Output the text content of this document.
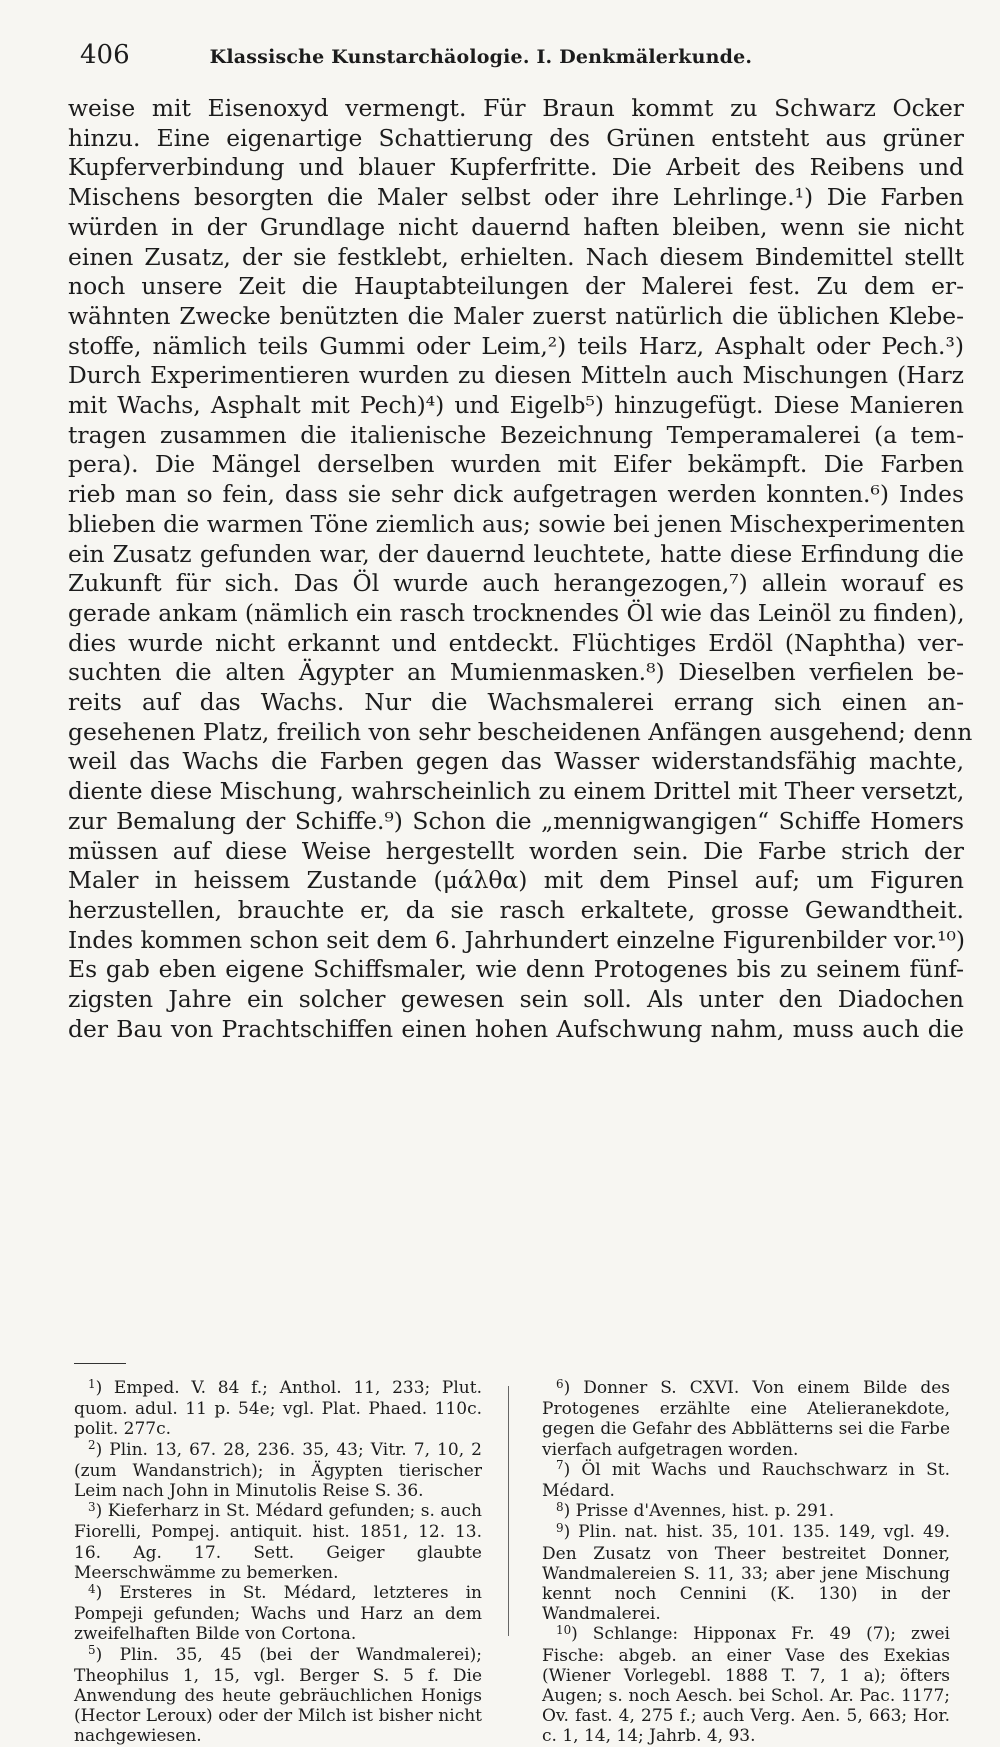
406	Klassische Kunstarchäologie. I. Denkmälerkunde.
weise mit Eisenoxyd vermengt. Für Braun kommt zu Schwarz Ocker
hinzu. Eine eigenartige Schattierung des Grünen entsteht aus grüner
Kupferverbindung und blauer Kupferfritte. Die Arbeit des Reibens und
Mischens besorgten die Maler selbst oder ihre Lehrlinge.¹) Die Farben
würden in der Grundlage nicht dauernd haften bleiben, wenn sie nicht
einen Zusatz, der sie festklebt, erhielten. Nach diesem Bindemittel stellt
noch unsere Zeit die Hauptabteilungen der Malerei fest. Zu dem er-
wähnten Zwecke benützten die Maler zuerst natürlich die üblichen Klebe-
stoffe, nämlich teils Gummi oder Leim,²) teils Harz, Asphalt oder Pech.³)
Durch Experimentieren wurden zu diesen Mitteln auch Mischungen (Harz
mit Wachs, Asphalt mit Pech)⁴) und Eigelb⁵) hinzugefügt. Diese Manieren
tragen zusammen die italienische Bezeichnung Temperamalerei (a tem-
pera). Die Mängel derselben wurden mit Eifer bekämpft. Die Farben
rieb man so fein, dass sie sehr dick aufgetragen werden konnten.⁶) Indes
blieben die warmen Töne ziemlich aus; sowie bei jenen Mischexperimenten
ein Zusatz gefunden war, der dauernd leuchtete, hatte diese Erfindung die
Zukunft für sich. Das Öl wurde auch herangezogen,⁷) allein worauf es
gerade ankam (nämlich ein rasch trocknendes Öl wie das Leinöl zu finden),
dies wurde nicht erkannt und entdeckt. Flüchtiges Erdöl (Naphtha) ver-
suchten die alten Ägypter an Mumienmasken.⁸) Dieselben verfielen be-
reits auf das Wachs. Nur die Wachsmalerei errang sich einen an-
gesehenen Platz, freilich von sehr bescheidenen Anfängen ausgehend; denn
weil das Wachs die Farben gegen das Wasser widerstandsfähig machte,
diente diese Mischung, wahrscheinlich zu einem Drittel mit Theer versetzt,
zur Bemalung der Schiffe.⁹) Schon die „mennigwangigen“ Schiffe Homers
müssen auf diese Weise hergestellt worden sein. Die Farbe strich der
Maler in heissem Zustande (μάλθα) mit dem Pinsel auf; um Figuren
herzustellen, brauchte er, da sie rasch erkaltete, grosse Gewandtheit.
Indes kommen schon seit dem 6. Jahrhundert einzelne Figurenbilder vor.¹⁰)
Es gab eben eigene Schiffsmaler, wie denn Protogenes bis zu seinem fünf-
zigsten Jahre ein solcher gewesen sein soll. Als unter den Diadochen
der Bau von Prachtschiffen einen hohen Aufschwung nahm, muss auch die

$^1$) Emped. V. 84 f.; Anthol. 11, 233; Plut. quom. adul. 11 p. 54e; vgl. Plat. Phaed. 110c. polit. 277c.

$^2$) Plin. 13, 67. 28, 236. 35, 43; Vitr. 7, 10, 2 (zum Wandanstrich); in Ägypten tierischer Leim nach John in Minutolis Reise S. 36.

$^3$) Kieferharz in St. Médard gefunden; s. auch Fiorelli, Pompej. antiquit. hist. 1851, 12. 13. 16. Ag. 17. Sett. Geiger glaubte Meerschwämme zu bemerken.

$^4$) Ersteres in St. Médard, letzteres in Pompeji gefunden; Wachs und Harz an dem zweifelhaften Bilde von Cortona.

$^5$) Plin. 35, 45 (bei der Wandmalerei); Theophilus 1, 15, vgl. Berger S. 5 f. Die Anwendung des heute gebräuchlichen Honigs (Hector Leroux) oder der Milch ist bisher nicht nachgewiesen.

$^6$) Donner S. CXVI. Von einem Bilde des Protogenes erzählte eine Atelieranekdote, gegen die Gefahr des Abblätterns sei die Farbe vierfach aufgetragen worden.

$^7$) Öl mit Wachs und Rauchschwarz in St. Médard.

$^8$) Prisse d'Avennes, hist. p. 291.

$^9$) Plin. nat. hist. 35, 101. 135. 149, vgl. 49. Den Zusatz von Theer bestreitet Donner, Wandmalereien S. 11, 33; aber jene Mischung kennt noch Cennini (K. 130) in der Wandmalerei.

$^{10}$) Schlange: Hipponax Fr. 49 (7); zwei Fische: abgeb. an einer Vase des Exekias (Wiener Vorlegebl. 1888 T. 7, 1 a); öfters Augen; s. noch Aesch. bei Schol. Ar. Pac. 1177; Ov. fast. 4, 275 f.; auch Verg. Aen. 5, 663; Hor. c. 1, 14, 14; Jahrb. 4, 93.
